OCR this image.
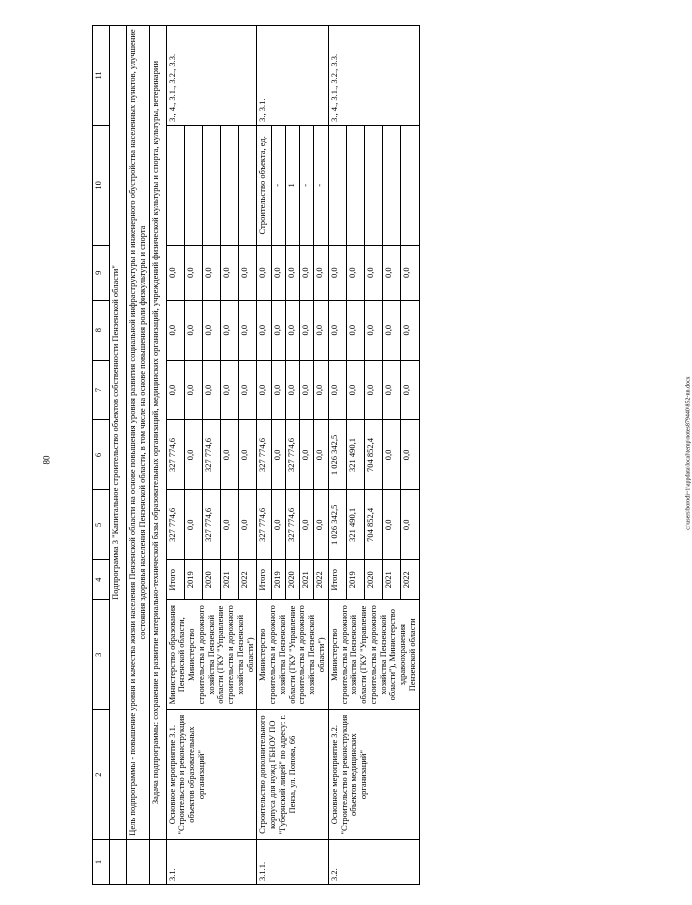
80	c:\users\borodi~1\appdata\local\temp\notes879440\852-nn.docx
1	2	3	4	5	6	7	8	9	10	11
	Подпрограмма 3 "Капитальное строительство объектов собственности Пензенской области"									
	Цель подпрограммы - повышение уровня и качества жизни населения Пензенской области на основе повышения уровня развития социальной инфраструктуры и инженерного обустройства населенных пунктов, улучшение состояния здоровья населения Пензенской области, в том числе на основе повышения роли физкультуры и спорта									
	Задача подпрограммы: сохранение и развитие материально-технической базы образовательных организаций, медицинских организаций, учреждений физической культуры и спорта, культуры, ветеринарии									
3.1.	Основное мероприятие 3.1. "Строительство и реконструкция объектов образовательных организаций"	Министерство образования Пензенской области, Министерство строительства и дорожного хозяйства Пензенской области (ГКУ "Управление строительства и дорожного хозяйства Пензенской области")	Итого	327 774,6	327 774,6	0,0	0,0	0,0		3., 4., 3.1., 3.2., 3.3.
			2019	0,0	0,0	0,0	0,0	0,0		
			2020	327 774,6	327 774,6	0,0	0,0	0,0		
			2021	0,0	0,0	0,0	0,0	0,0		
			2022	0,0	0,0	0,0	0,0	0,0		
3.1.1.	Строительство дополнительного корпуса для нужд ГБНОУ ПО "Губернский лицей" по адресу: г. Пенза, ул. Попова, 66	Министерство строительства и дорожного хозяйства Пензенской области (ГКУ "Управление строительства и дорожного хозяйства Пензенской области")	Итого	327 774,6	327 774,6	0,0	0,0	0,0	Строительство объекта, ед.	3., 3.1.
			2019	0,0	0,0	0,0	0,0	0,0	-	
			2020	327 774,6	327 774,6	0,0	0,0	0,0	1	
			2021	0,0	0,0	0,0	0,0	0,0	-	
			2022	0,0	0,0	0,0	0,0	0,0	-	
3.2.	Основное мероприятие 3.2. "Строительство и реконструкция объектов медицинских организаций"	Министерство строительства и дорожного хозяйства Пензенской области (ГКУ "Управление строительства и дорожного хозяйства Пензенской области"), Министерство здравоохранения Пензенской области	Итого	1 026 342,5	1 026 342,5	0,0	0,0	0,0		3., 4., 3.1., 3.2., 3.3.
			2019	321 490,1	321 490,1	0,0	0,0	0,0		
			2020	704 852,4	704 852,4	0,0	0,0	0,0		
			2021	0,0	0,0	0,0	0,0	0,0		
			2022	0,0	0,0	0,0	0,0	0,0		
